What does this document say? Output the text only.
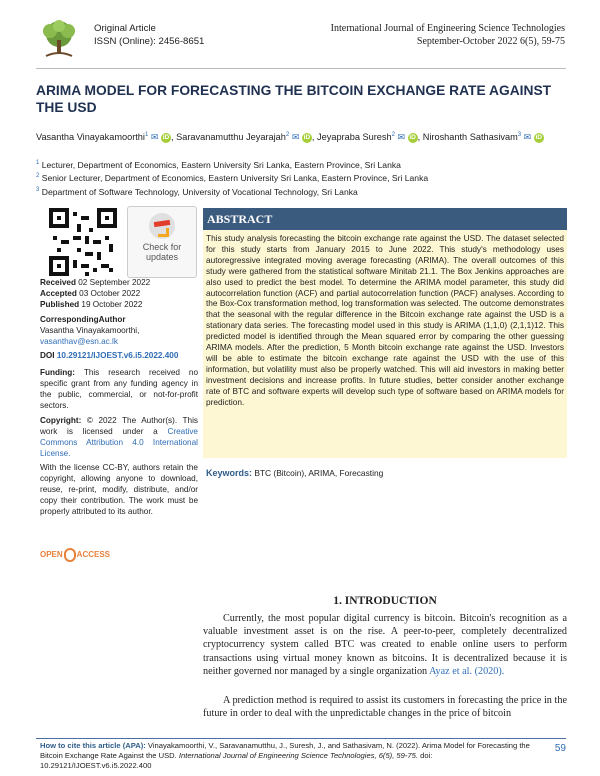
Original Article
ISSN (Online): 2456-8651
International Journal of Engineering Science Technologies
September-October 2022 6(5), 59-75
ARIMA MODEL FOR FORECASTING THE BITCOIN EXCHANGE RATE AGAINST THE USD
Vasantha Vinayakamoorthi$^1$ ✉ iD , Saravanamutthu Jeyarajah$^2$ ✉ iD , Jeyapraba Suresh$^2$ ✉ iD , Niroshanth Sathasivam$^3$ ✉ iD
$^1$ Lecturer, Department of Economics, Eastern University Sri Lanka, Eastern Province, Sri Lanka
$^2$ Senior Lecturer, Department of Economics, Eastern University Sri Lanka, Eastern Province, Sri Lanka
$^3$ Department of Software Technology, University of Vocational Technology, Sri Lanka
Check for
updates
Received 02 September 2022
Accepted 03 October 2022
Published 19 October 2022
CorrespondingAuthor
Vasantha Vinayakamoorthi,
vasanthav@esn.ac.lk
DOI 10.29121/IJOEST.v6.i5.2022.400
Funding: This research received no specific grant from any funding agency in the public, commercial, or not-for-profit sectors.
Copyright: © 2022 The Author(s). This work is licensed under a Creative Commons Attribution 4.0 International License.
With the license CC-BY, authors retain the copyright, allowing anyone to download, reuse, re-print, modify, distribute, and/or copy their contribution. The work must be properly attributed to its author.
OPEN ACCESS
ABSTRACT
This study analysis forecasting the bitcoin exchange rate against the USD. The dataset selected for this study starts from January 2015 to June 2022. This study's methodology uses autoregressive integrated moving average forecasting (ARIMA). The overall outcomes of this study were gathered from the statistical software Minitab 21.1. The Box Jenkins approaches are also used to predict the best model. To determine the ARIMA model parameter, this study did autocorrelation function (ACF) and partial autocorrelation function (PACF) analyses. According to the Box-Cox transformation method, log transformation was selected. The outcome demonstrates that the seasonal with the regular difference in the Bitcoin exchange rate against the USD is a stationary data series. The forecasting model used in this study is ARIMA (1,1,0) (2,1,1)12. This predicted model is identified through the Mean squared error by comparing the other guessing ARIMA models. After the prediction, 5 Month bitcoin exchange rate against the USD. Investors will be able to estimate the bitcoin exchange rate against the USD with the use of this information, but volatility must also be properly watched. This will aid investors in making better investment decisions and increase profits. In future studies, better consider another exchange rate of BTC and software experts will develop such type of software based on ARIMA models for prediction.
Keywords: BTC (Bitcoin), ARIMA, Forecasting
1. INTRODUCTION
Currently, the most popular digital currency is bitcoin. Bitcoin's recognition as a valuable investment asset is on the rise. A peer-to-peer, completely decentralized cryptocurrency system called BTC was created to enable online users to perform transactions using virtual money known as bitcoins. It is decentralized because it is neither governed nor managed by a single organization Ayaz et al. (2020).
A prediction method is required to assist its customers in forecasting the price in the future in order to deal with the unpredictable changes in the price of bitcoin
How to cite this article (APA): Vinayakamoorthi, V., Saravanamutthu, J., Suresh, J., and Sathasivam, N. (2022). Arima Model for Forecasting the Bitcoin Exchange Rate Against the USD. International Journal of Engineering Science Technologies, 6(5), 59-75. doi: 10.29121/IJOEST.v6.i5.2022.400
59
